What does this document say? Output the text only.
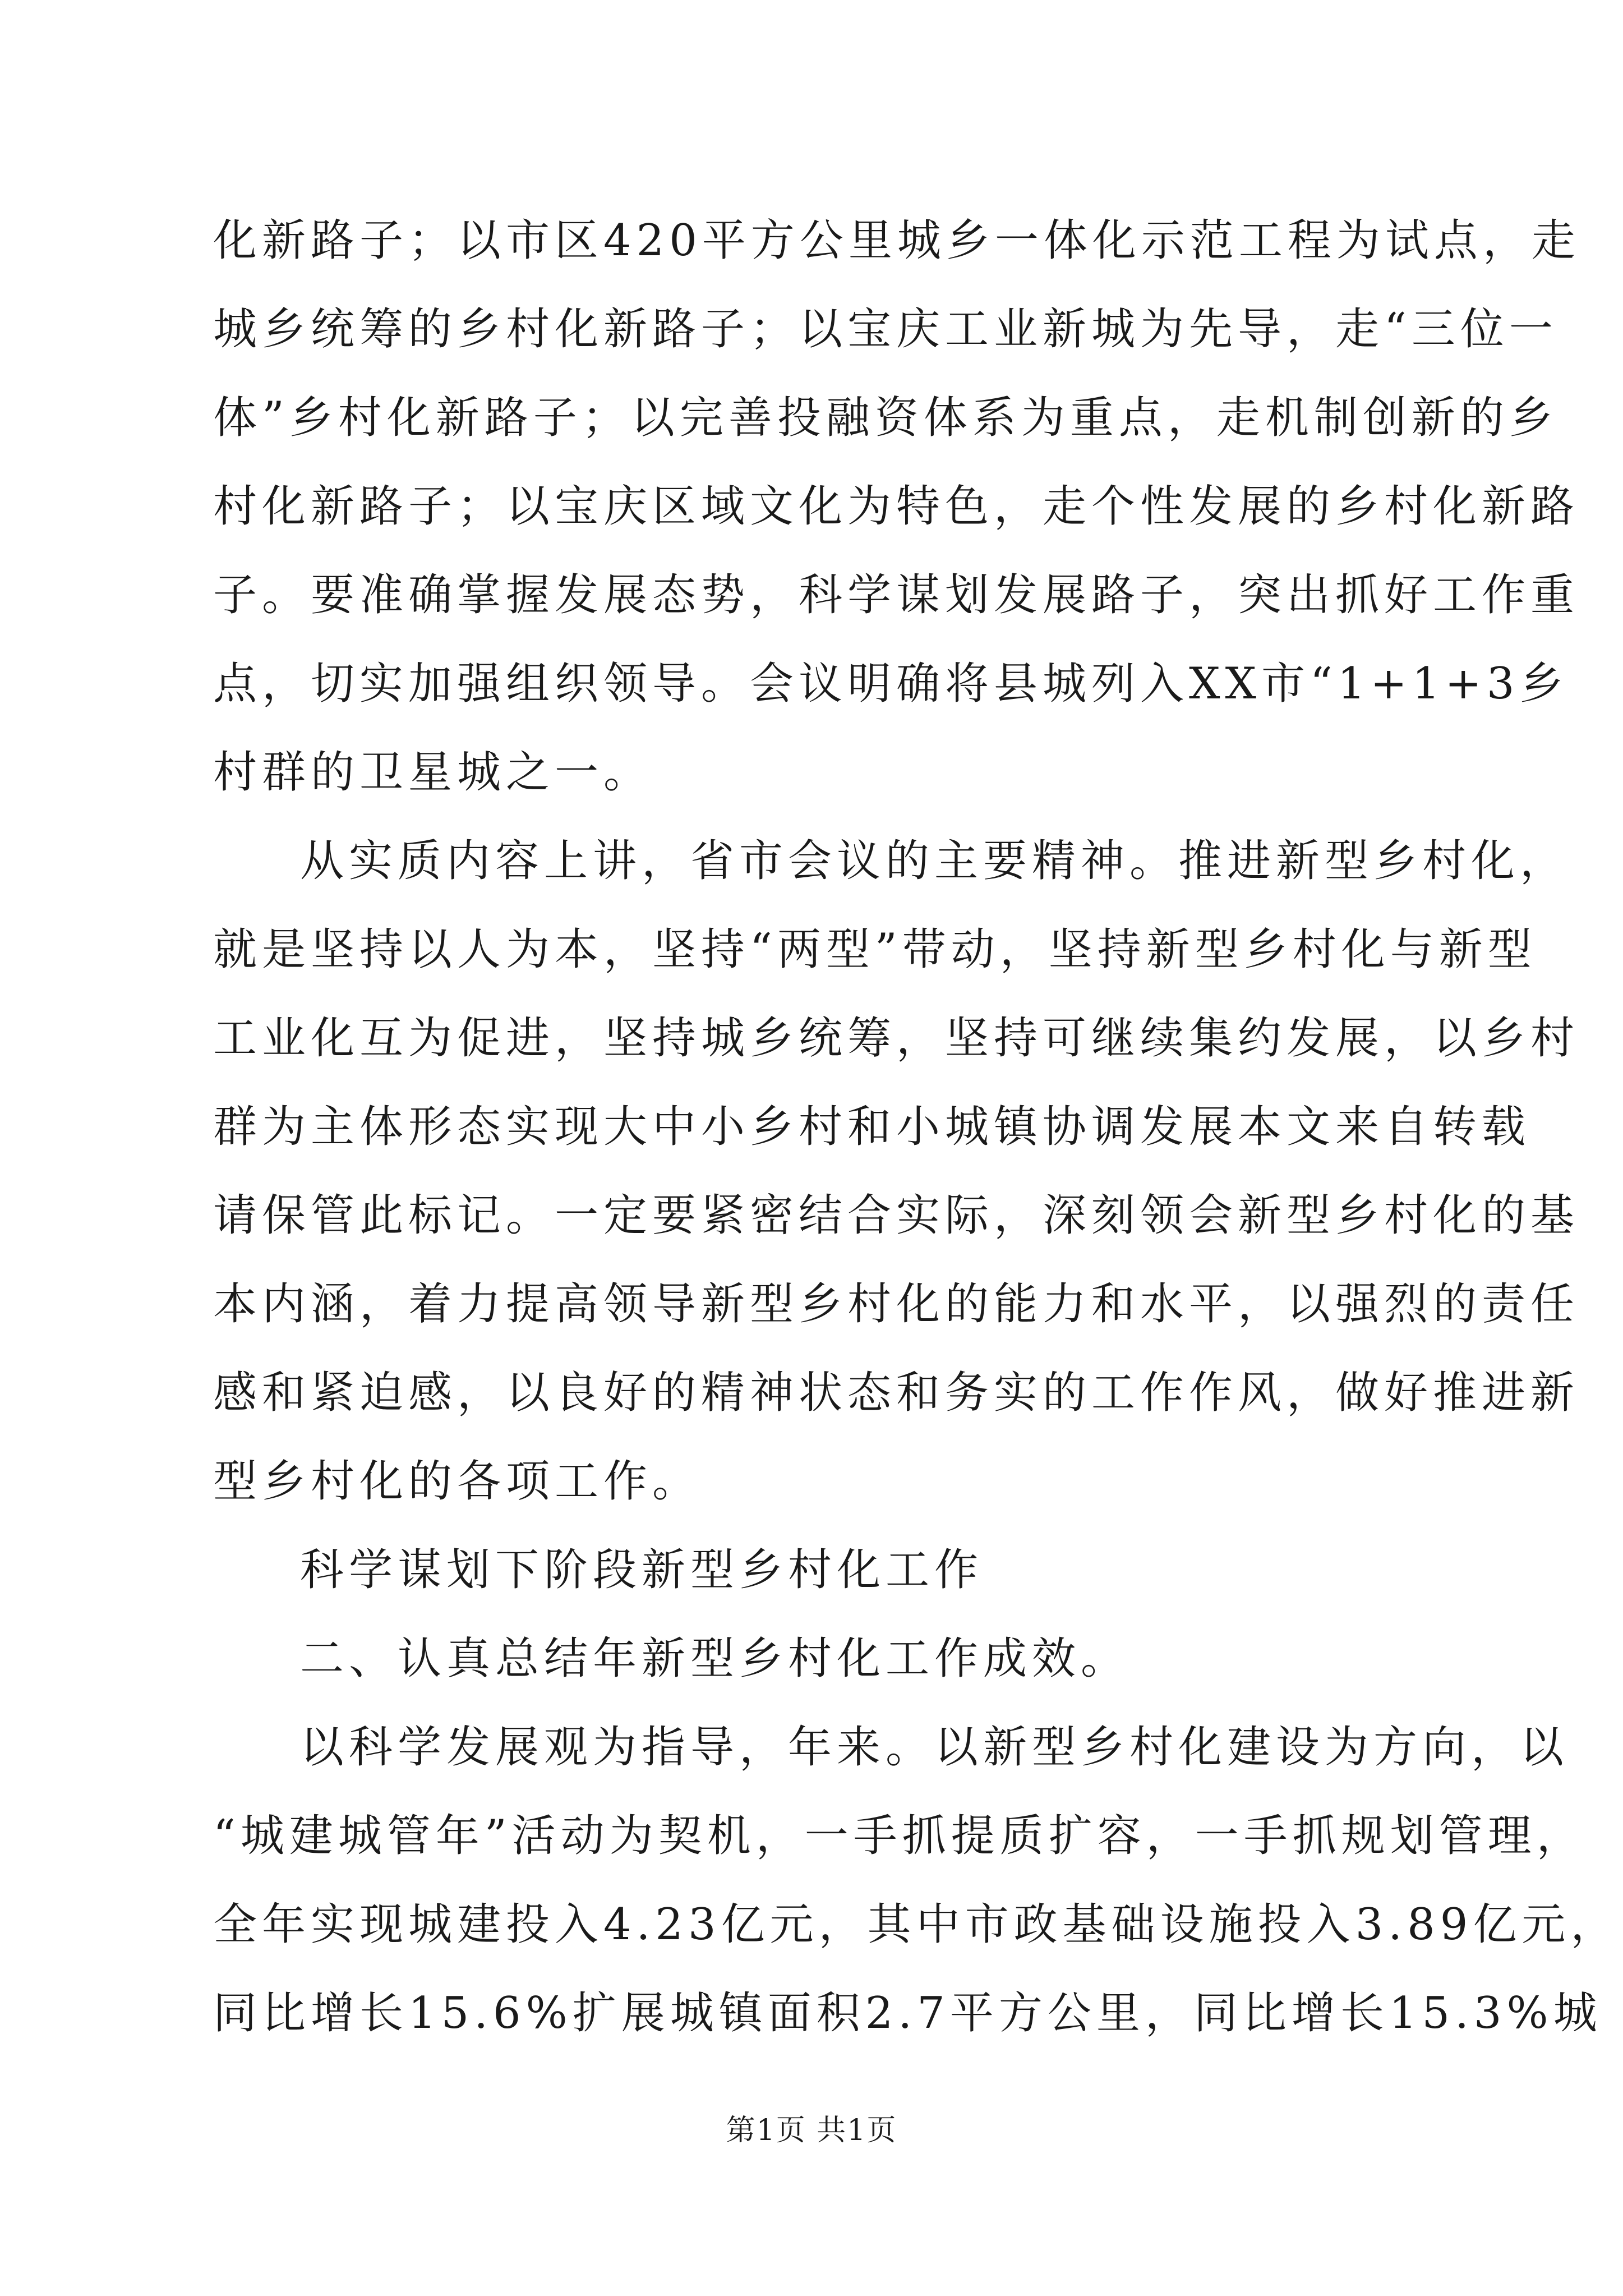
化新路子；以市区420平方公里城乡一体化示范工程为试点，走
城乡统筹的乡村化新路子；以宝庆工业新城为先导，走“三位一
体”乡村化新路子；以完善投融资体系为重点，走机制创新的乡
村化新路子；以宝庆区域文化为特色，走个性发展的乡村化新路
子。要准确掌握发展态势，科学谋划发展路子，突出抓好工作重
点，切实加强组织领导。会议明确将县城列入XX市“1+1+3乡
村群的卫星城之一。
从实质内容上讲，省市会议的主要精神。推进新型乡村化，
就是坚持以人为本，坚持“两型”带动，坚持新型乡村化与新型
工业化互为促进，坚持城乡统筹，坚持可继续集约发展，以乡村
群为主体形态实现大中小乡村和小城镇协调发展本文来自转载
请保管此标记。一定要紧密结合实际，深刻领会新型乡村化的基
本内涵，着力提高领导新型乡村化的能力和水平，以强烈的责任
感和紧迫感，以良好的精神状态和务实的工作作风，做好推进新
型乡村化的各项工作。
科学谋划下阶段新型乡村化工作
二、认真总结年新型乡村化工作成效。
以科学发展观为指导，年来。以新型乡村化建设为方向，以
“城建城管年”活动为契机，一手抓提质扩容，一手抓规划管理，
全年实现城建投入4.23亿元，其中市政基础设施投入3.89亿元，
第1页 共1页
同比增长15.6%扩展城镇面积2.7平方公里，同比增长15.3%城
